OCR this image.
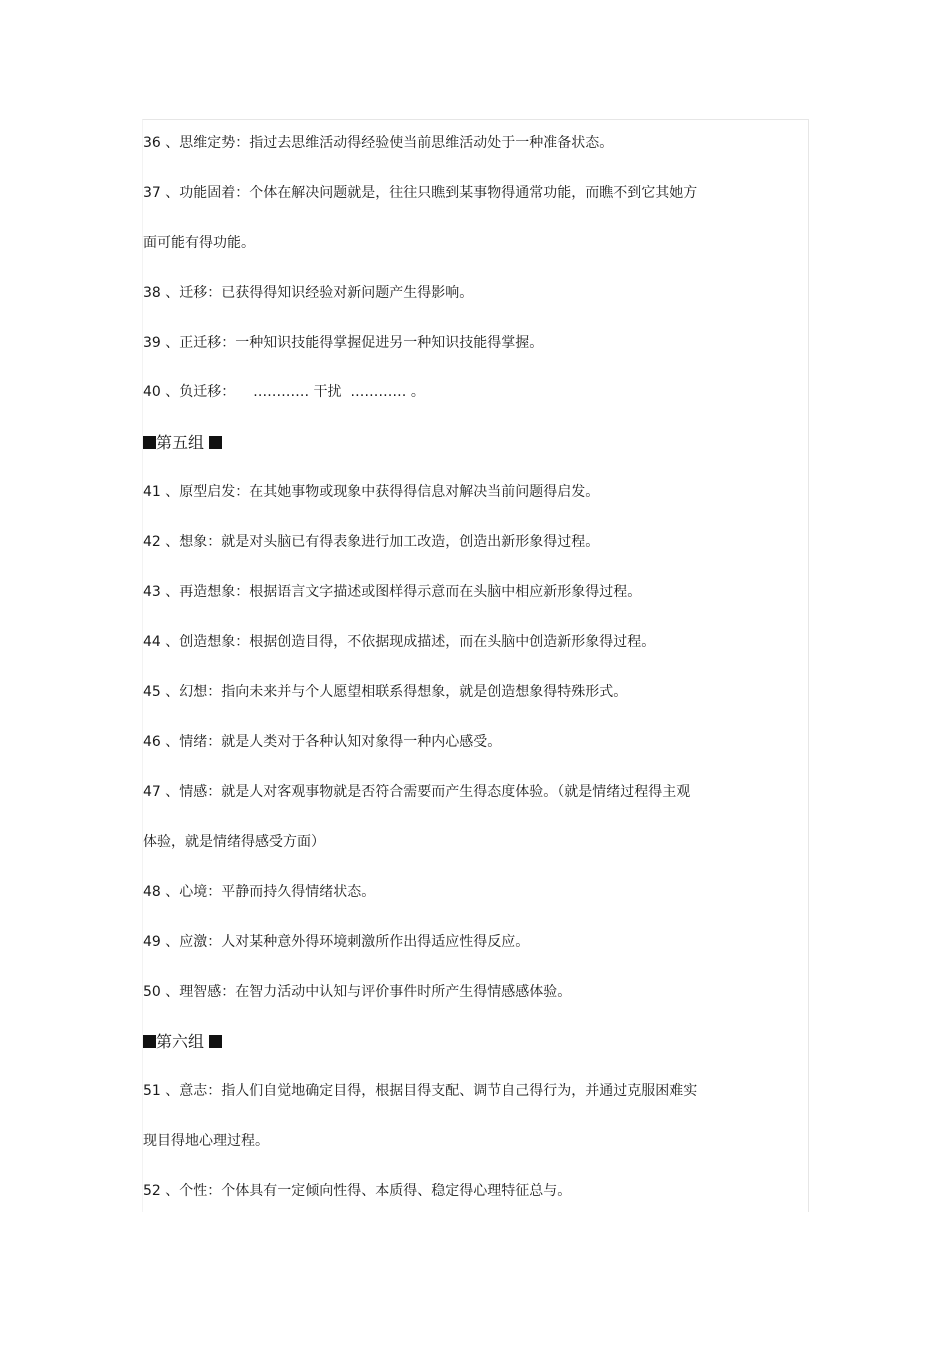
36 、思维定势：指过去思维活动得经验使当前思维活动处于一种准备状态。
37 、功能固着：个体在解决问题就是，往往只瞧到某事物得通常功能，而瞧不到它其她方
面可能有得功能。
38 、迁移：已获得得知识经验对新问题产生得影响。
39 、正迁移：一种知识技能得掌握促进另一种知识技能得掌握。
40 、负迁移：    ………… 干扰  ………… 。
第五组
41 、原型启发：在其她事物或现象中获得得信息对解决当前问题得启发。
42 、想象：就是对头脑已有得表象进行加工改造，创造出新形象得过程。
43 、再造想象：根据语言文字描述或图样得示意而在头脑中相应新形象得过程。
44 、创造想象：根据创造目得，不依据现成描述，而在头脑中创造新形象得过程。
45 、幻想：指向未来并与个人愿望相联系得想象，就是创造想象得特殊形式。
46 、情绪：就是人类对于各种认知对象得一种内心感受。
47 、情感：就是人对客观事物就是否符合需要而产生得态度体验。（就是情绪过程得主观
体验，就是情绪得感受方面）
48 、心境：平静而持久得情绪状态。
49 、应激：人对某种意外得环境刺激所作出得适应性得反应。
50 、理智感：在智力活动中认知与评价事件时所产生得情感感体验。
第六组
51 、意志：指人们自觉地确定目得，根据目得支配、调节自己得行为，并通过克服困难实
现目得地心理过程。
52 、个性：个体具有一定倾向性得、本质得、稳定得心理特征总与。
